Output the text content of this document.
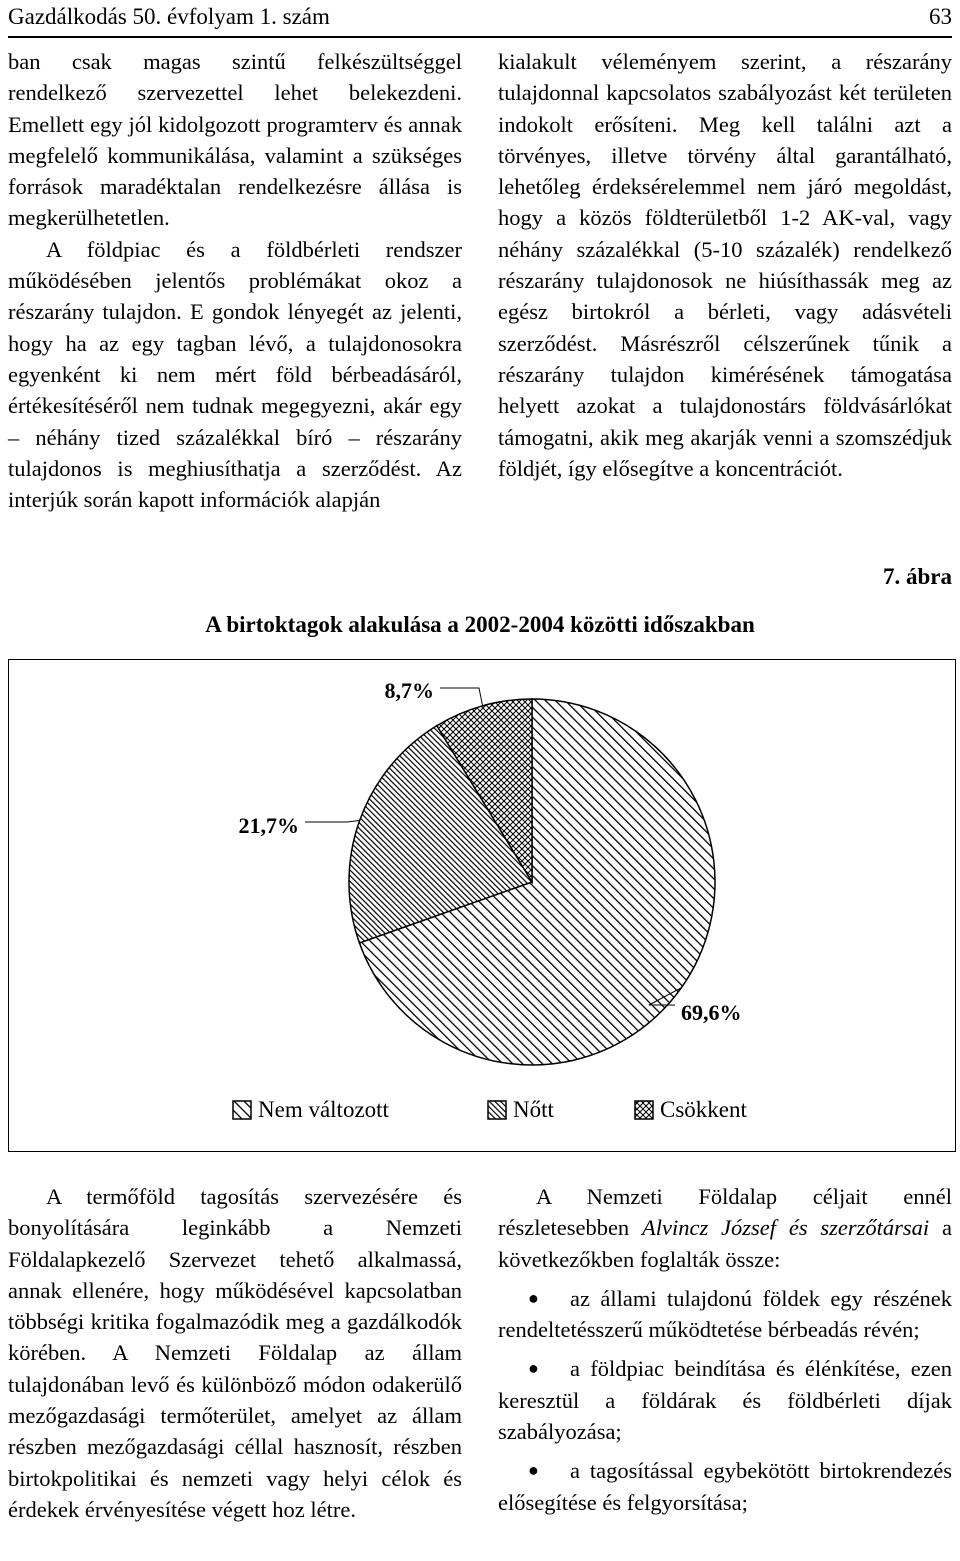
Gazdálkodás 50. évfolyam 1. szám	63

ban csak magas szintű felkészültséggel rendelkező szervezettel lehet belekezdeni. Emellett egy jól kidolgozott programterv és annak megfelelő kommunikálása, valamint a szükséges források maradéktalan rendelkezésre állása is megkerülhetetlen.

A földpiac és a földbérleti rendszer működésében jelentős problémákat okoz a részarány tulajdon. E gondok lényegét az jelenti, hogy ha az egy tagban lévő, a tulajdonosokra egyenként ki nem mért föld bérbeadásáról, értékesítéséről nem tudnak megegyezni, akár egy – néhány tized százalékkal bíró – részarány tulajdonos is meghiusíthatja a szerződést. Az interjúk során kapott információk alapján

kialakult véleményem szerint, a részarány tulajdonnal kapcsolatos szabályozást két területen indokolt erősíteni. Meg kell találni azt a törvényes, illetve törvény által garantálható, lehetőleg érdeksérelemmel nem járó megoldást, hogy a közös földterületből 1-2 AK-val, vagy néhány százalékkal (5-10 százalék) rendelkező részarány tulajdonosok ne hiúsíthassák meg az egész birtokról a bérleti, vagy adásvételi szerződést. Másrészről célszerűnek tűnik a részarány tulajdon kimérésének támogatása helyett azokat a tulajdonostárs földvásárlókat támogatni, akik meg akarják venni a szomszédjuk földjét, így elősegítve a koncentrációt.

7. ábra
A birtoktagok alakulása a 2002-2004 közötti időszakban
69,6%
21,7%
8,7%
Nem változott	Nőtt	Csökkent

A termőföld tagosítás szervezésére és bonyolítására leginkább a Nemzeti Földalapkezelő Szervezet tehető alkalmassá, annak ellenére, hogy működésével kapcsolatban többségi kritika fogalmazódik meg a gazdálkodók körében. A Nemzeti Földalap az állam tulajdonában levő és különböző módon odakerülő mezőgazdasági termőterület, amelyet az állam részben mezőgazdasági céllal hasznosít, részben birtokpolitikai és nemzeti vagy helyi célok és érdekek érvényesítése végett hoz létre.

A Nemzeti Földalap céljait ennél részletesebben Alvincz József és szerzőtársai a következőkben foglalták össze:

● az állami tulajdonú földek egy részének rendeltetésszerű működtetése bérbeadás révén;
● a földpiac beindítása és élénkítése, ezen keresztül a földárak és földbérleti díjak szabályozása;
● a tagosítással egybekötött birtokrendezés elősegítése és felgyorsítása;
